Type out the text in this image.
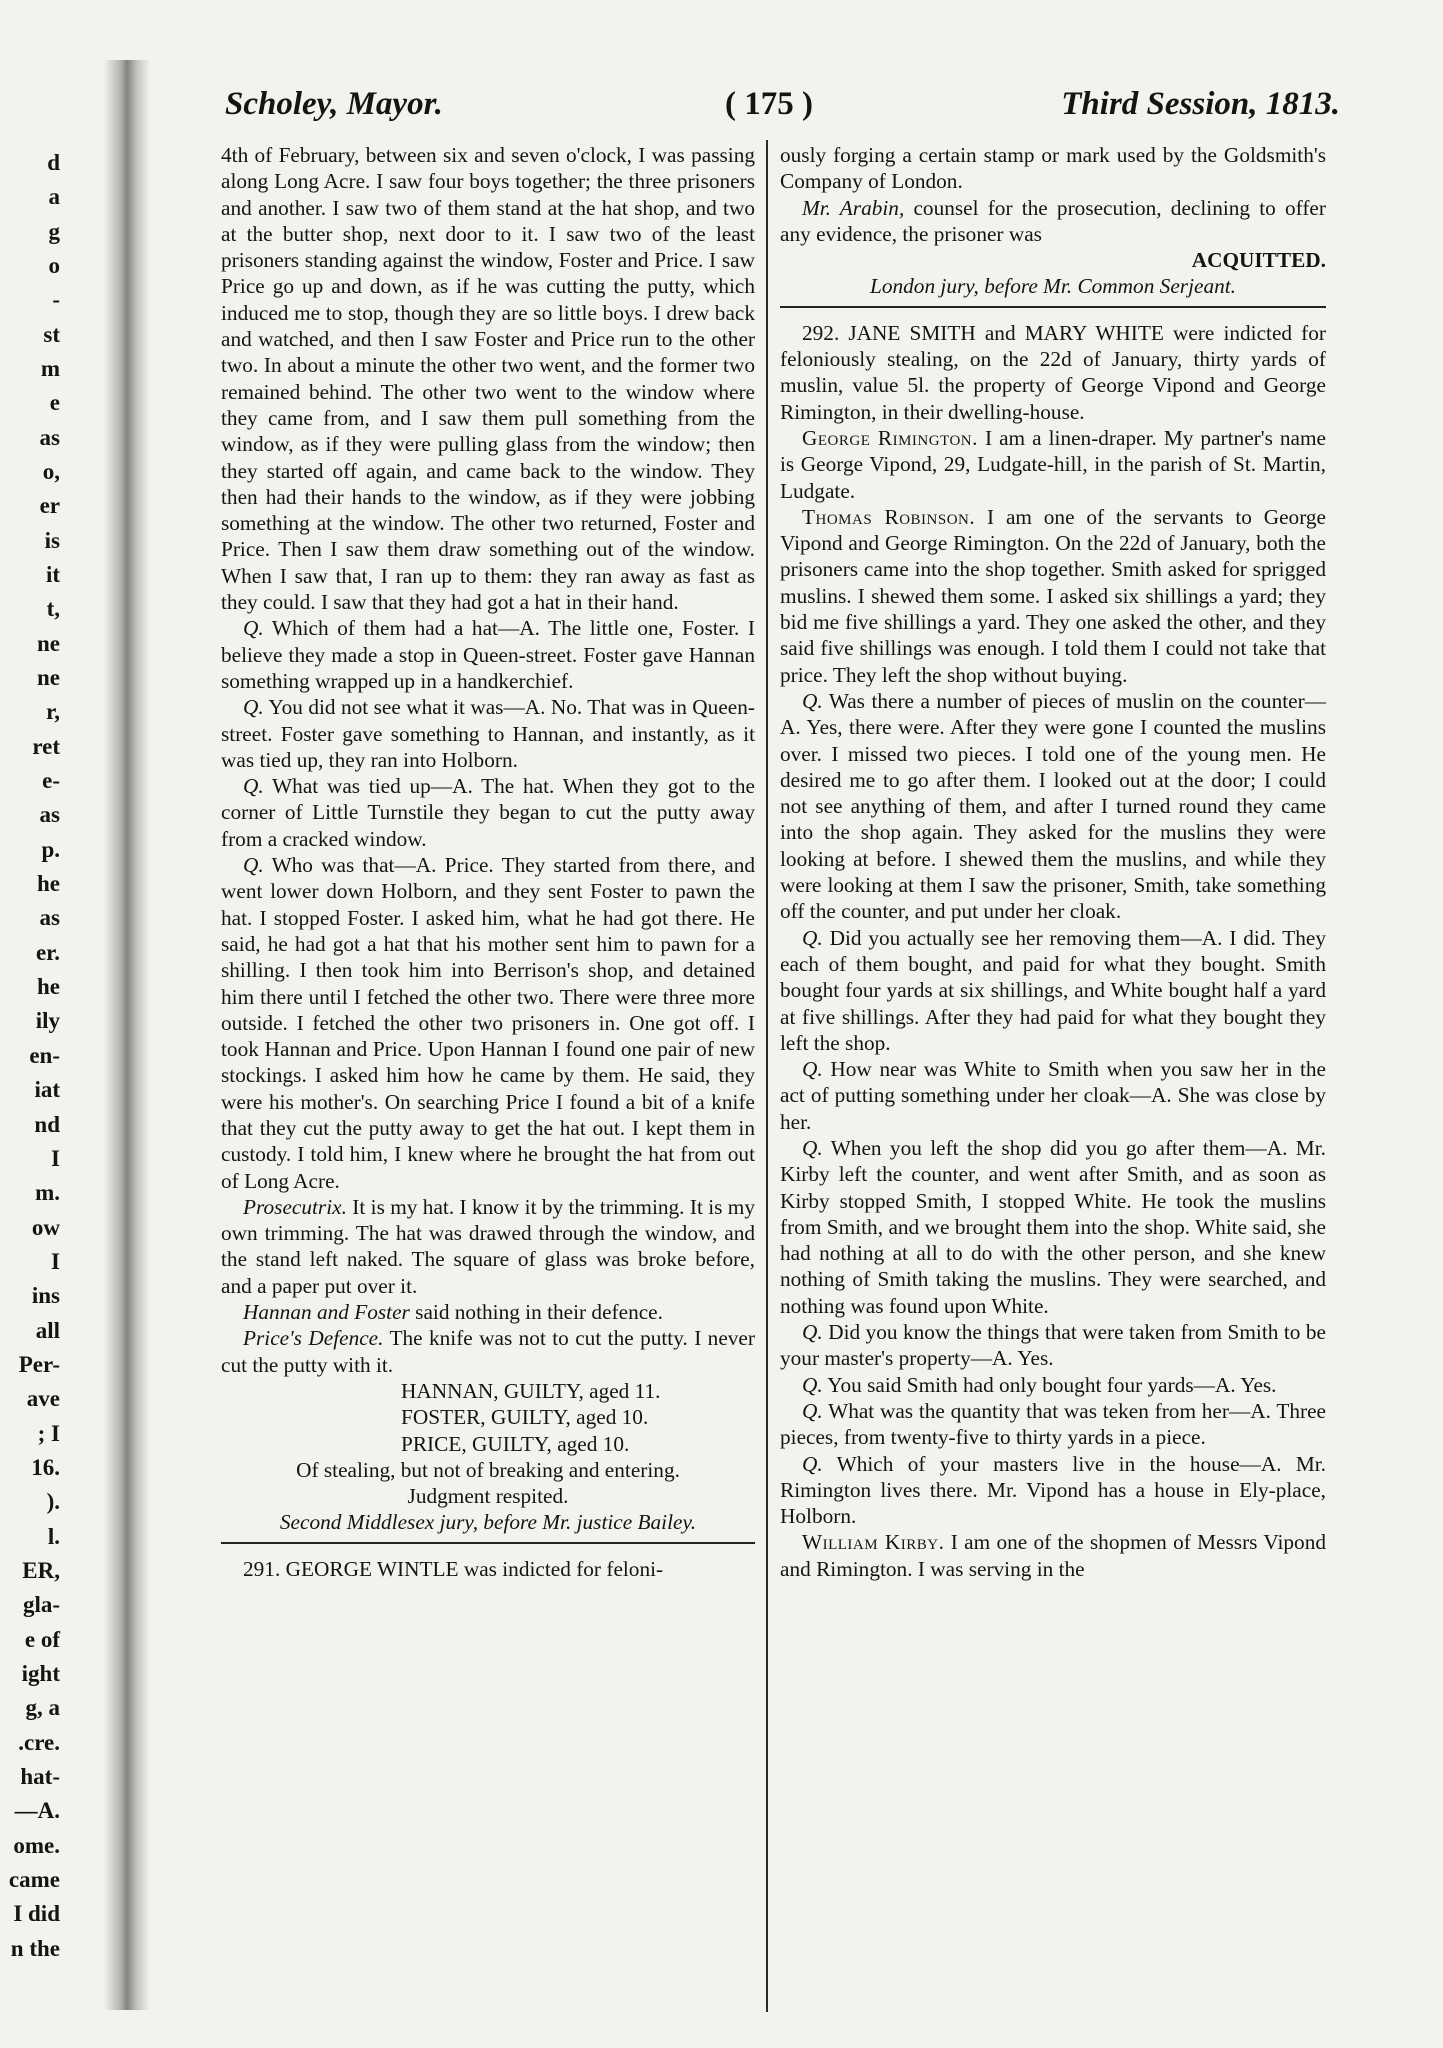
d
a
g
o
-
st
m
e
as
o,
er
is
it
t,
ne
ne
r,
ret
e-
as
p.
he
as
er.
he
ily
en-
iat
nd
I
m.
ow
I
ins
all
Per-
ave
; I
16.
).
l.
ER,
gla-
e of
ight
g, a
.cre.
hat-
—A.
ome.
came
I did
n the
Scholey, Mayor.	( 175 )	Third Session, 1813.

4th of February, between six and seven o'clock, I was passing along Long Acre. I saw four boys together; the three prisoners and another. I saw two of them stand at the hat shop, and two at the butter shop, next door to it. I saw two of the least prisoners standing against the window, Foster and Price. I saw Price go up and down, as if he was cutting the putty, which induced me to stop, though they are so little boys. I drew back and watched, and then I saw Foster and Price run to the other two. In about a minute the other two went, and the former two remained behind. The other two went to the window where they came from, and I saw them pull something from the window, as if they were pulling glass from the window; then they started off again, and came back to the window. They then had their hands to the window, as if they were jobbing something at the window. The other two returned, Foster and Price. Then I saw them draw something out of the window. When I saw that, I ran up to them: they ran away as fast as they could. I saw that they had got a hat in their hand.

Q. Which of them had a hat—A. The little one, Foster. I believe they made a stop in Queen-street. Foster gave Hannan something wrapped up in a handkerchief.

Q. You did not see what it was—A. No. That was in Queen-street. Foster gave something to Hannan, and instantly, as it was tied up, they ran into Holborn.

Q. What was tied up—A. The hat. When they got to the corner of Little Turnstile they began to cut the putty away from a cracked window.

Q. Who was that—A. Price. They started from there, and went lower down Holborn, and they sent Foster to pawn the hat. I stopped Foster. I asked him, what he had got there. He said, he had got a hat that his mother sent him to pawn for a shilling. I then took him into Berrison's shop, and detained him there until I fetched the other two. There were three more outside. I fetched the other two prisoners in. One got off. I took Hannan and Price. Upon Hannan I found one pair of new stockings. I asked him how he came by them. He said, they were his mother's. On searching Price I found a bit of a knife that they cut the putty away to get the hat out. I kept them in custody. I told him, I knew where he brought the hat from out of Long Acre.

Prosecutrix. It is my hat. I know it by the trimming. It is my own trimming. The hat was drawed through the window, and the stand left naked. The square of glass was broke before, and a paper put over it.

Hannan and Foster said nothing in their defence.

Price's Defence. The knife was not to cut the putty. I never cut the putty with it.

HANNAN, GUILTY, aged 11.

FOSTER, GUILTY, aged 10.

PRICE, GUILTY, aged 10.

Of stealing, but not of breaking and entering.

Judgment respited.

Second Middlesex jury, before Mr. justice Bailey.

291. GEORGE WINTLE was indicted for feloni-

ously forging a certain stamp or mark used by the Goldsmith's Company of London.

Mr. Arabin, counsel for the prosecution, declining to offer any evidence, the prisoner was

ACQUITTED.

London jury, before Mr. Common Serjeant.

292. JANE SMITH and MARY WHITE were indicted for feloniously stealing, on the 22d of January, thirty yards of muslin, value 5l. the property of George Vipond and George Rimington, in their dwelling-house.

George Rimington. I am a linen-draper. My partner's name is George Vipond, 29, Ludgate-hill, in the parish of St. Martin, Ludgate.

Thomas Robinson. I am one of the servants to George Vipond and George Rimington. On the 22d of January, both the prisoners came into the shop together. Smith asked for sprigged muslins. I shewed them some. I asked six shillings a yard; they bid me five shillings a yard. They one asked the other, and they said five shillings was enough. I told them I could not take that price. They left the shop without buying.

Q. Was there a number of pieces of muslin on the counter—A. Yes, there were. After they were gone I counted the muslins over. I missed two pieces. I told one of the young men. He desired me to go after them. I looked out at the door; I could not see anything of them, and after I turned round they came into the shop again. They asked for the muslins they were looking at before. I shewed them the muslins, and while they were looking at them I saw the prisoner, Smith, take something off the counter, and put under her cloak.

Q. Did you actually see her removing them—A. I did. They each of them bought, and paid for what they bought. Smith bought four yards at six shillings, and White bought half a yard at five shillings. After they had paid for what they bought they left the shop.

Q. How near was White to Smith when you saw her in the act of putting something under her cloak—A. She was close by her.

Q. When you left the shop did you go after them—A. Mr. Kirby left the counter, and went after Smith, and as soon as Kirby stopped Smith, I stopped White. He took the muslins from Smith, and we brought them into the shop. White said, she had nothing at all to do with the other person, and she knew nothing of Smith taking the muslins. They were searched, and nothing was found upon White.

Q. Did you know the things that were taken from Smith to be your master's property—A. Yes.

Q. You said Smith had only bought four yards—A. Yes.

Q. What was the quantity that was teken from her—A. Three pieces, from twenty-five to thirty yards in a piece.

Q. Which of your masters live in the house—A. Mr. Rimington lives there. Mr. Vipond has a house in Ely-place, Holborn.

William Kirby. I am one of the shopmen of Messrs Vipond and Rimington. I was serving in the
